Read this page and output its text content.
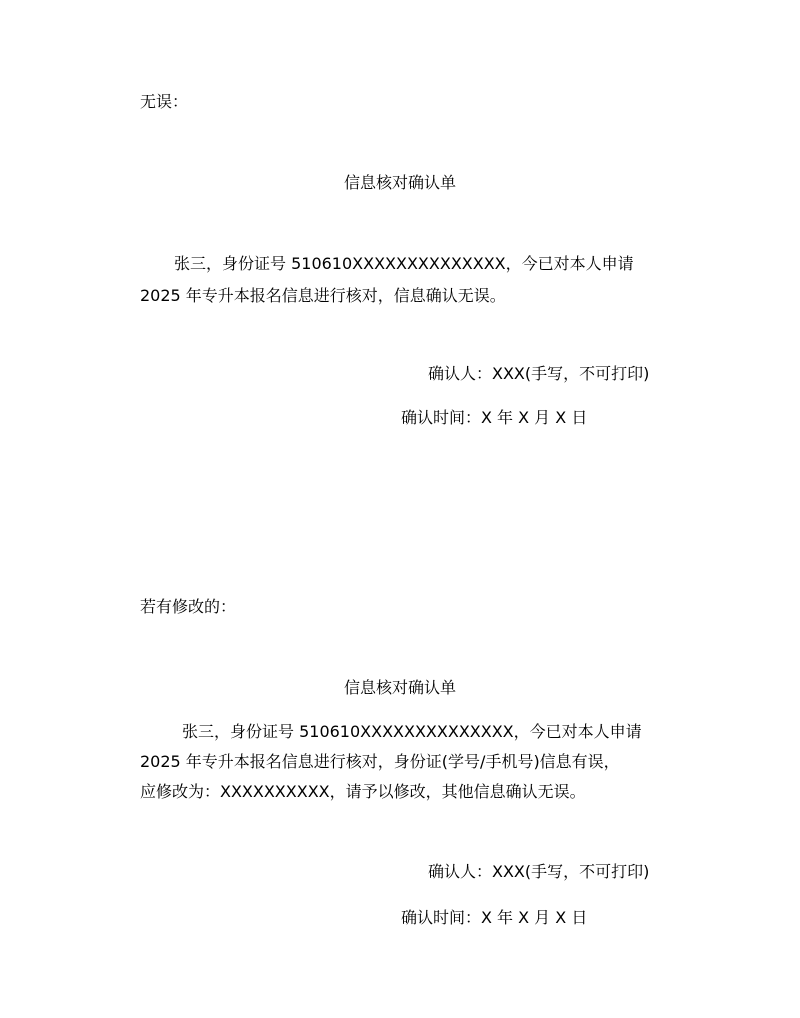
无误：
信息核对确认单
张三，身份证号 510610XXXXXXXXXXXXXX，今已对本人申请
2025 年专升本报名信息进行核对，信息确认无误。
确认人：XXX(手写，不可打印)
确认时间：X 年 X 月 X 日
若有修改的：
信息核对确认单
张三，身份证号 510610XXXXXXXXXXXXXX，今已对本人申请
2025 年专升本报名信息进行核对，身份证(学号/手机号)信息有误，
应修改为：XXXXXXXXXX，请予以修改，其他信息确认无误。
确认人：XXX(手写，不可打印)
确认时间：X 年 X 月 X 日
